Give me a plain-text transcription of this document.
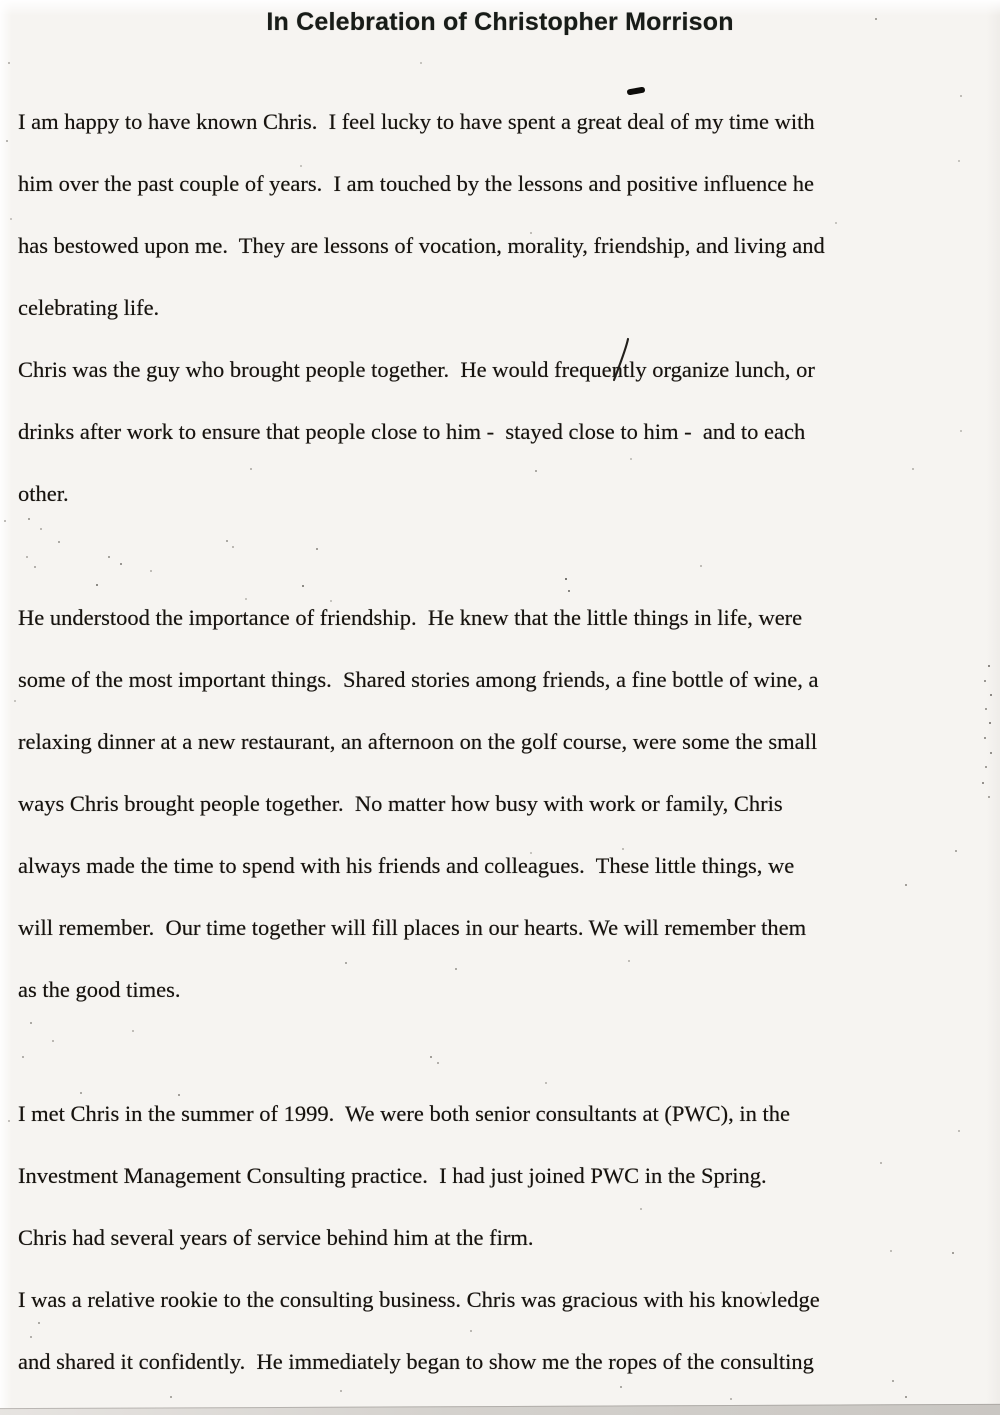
In Celebration of Christopher Morrison
I am happy to have known Chris.  I feel lucky to have spent a great deal of my time with
him over the past couple of years.  I am touched by the lessons and positive influence he
has bestowed upon me.  They are lessons of vocation, morality, friendship, and living and
celebrating life.
Chris was the guy who brought people together.  He would frequently organize lunch, or
drinks after work to ensure that people close to him -  stayed close to him -  and to each
other.
He understood the importance of friendship.  He knew that the little things in life, were
some of the most important things.  Shared stories among friends, a fine bottle of wine, a
relaxing dinner at a new restaurant, an afternoon on the golf course, were some the small
ways Chris brought people together.  No matter how busy with work or family, Chris
always made the time to spend with his friends and colleagues.  These little things, we
will remember.  Our time together will fill places in our hearts. We will remember them
as the good times.
I met Chris in the summer of 1999.  We were both senior consultants at (PWC), in the
Investment Management Consulting practice.  I had just joined PWC in the Spring.
Chris had several years of service behind him at the firm.
I was a relative rookie to the consulting business. Chris was gracious with his knowledge
and shared it confidently.  He immediately began to show me the ropes of the consulting
